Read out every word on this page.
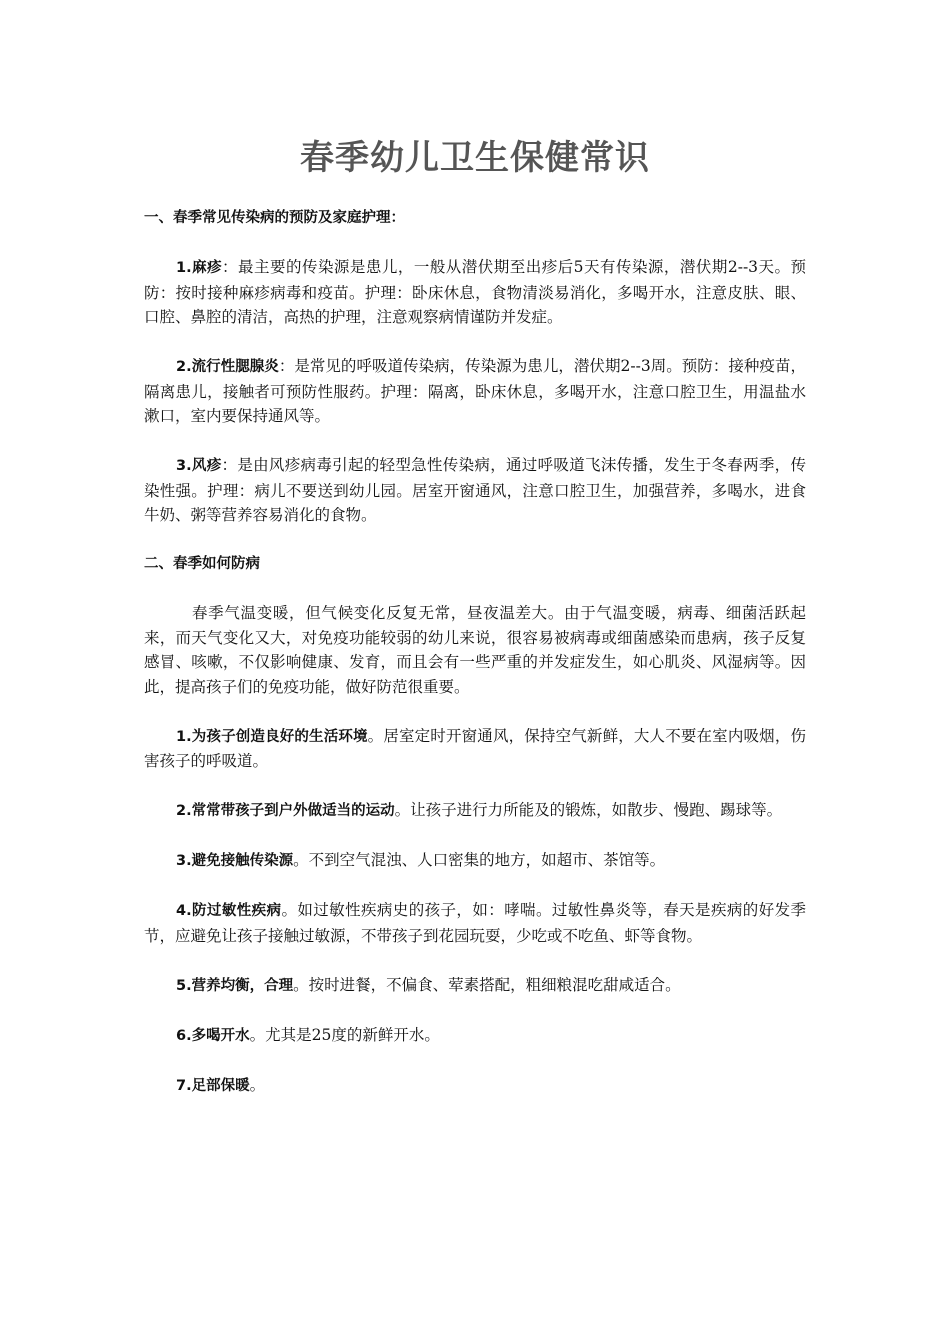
春季幼儿卫生保健常识
一、春季常见传染病的预防及家庭护理：

1.麻疹：最主要的传染源是患儿，一般从潜伏期至出疹后5天有传染源，潜伏期2--3天。预防：按时接种麻疹病毒和疫苗。护理：卧床休息，食物清淡易消化，多喝开水，注意皮肤、眼、口腔、鼻腔的清洁，高热的护理，注意观察病情谨防并发症。

2.流行性腮腺炎：是常见的呼吸道传染病，传染源为患儿，潜伏期2--3周。预防：接种疫苗，隔离患儿，接触者可预防性服药。护理：隔离，卧床休息，多喝开水，注意口腔卫生，用温盐水漱口，室内要保持通风等。

3.风疹：是由风疹病毒引起的轻型急性传染病，通过呼吸道飞沫传播，发生于冬春两季，传染性强。护理：病儿不要送到幼儿园。居室开窗通风，注意口腔卫生，加强营养，多喝水，进食牛奶、粥等营养容易消化的食物。

二、春季如何防病

春季气温变暖，但气候变化反复无常，昼夜温差大。由于气温变暖，病毒、细菌活跃起来，而天气变化又大，对免疫功能较弱的幼儿来说，很容易被病毒或细菌感染而患病，孩子反复感冒、咳嗽，不仅影响健康、发育，而且会有一些严重的并发症发生，如心肌炎、风湿病等。因此，提高孩子们的免疫功能，做好防范很重要。

1.为孩子创造良好的生活环境。居室定时开窗通风，保持空气新鲜，大人不要在室内吸烟，伤害孩子的呼吸道。

2.常常带孩子到户外做适当的运动。让孩子进行力所能及的锻炼，如散步、慢跑、踢球等。

3.避免接触传染源。不到空气混浊、人口密集的地方，如超市、茶馆等。

4.防过敏性疾病。如过敏性疾病史的孩子，如：哮喘。过敏性鼻炎等，春天是疾病的好发季节，应避免让孩子接触过敏源，不带孩子到花园玩耍，少吃或不吃鱼、虾等食物。

5.营养均衡，合理。按时进餐，不偏食、荤素搭配，粗细粮混吃甜咸适合。

6.多喝开水。尤其是25度的新鲜开水。

7.足部保暖。
